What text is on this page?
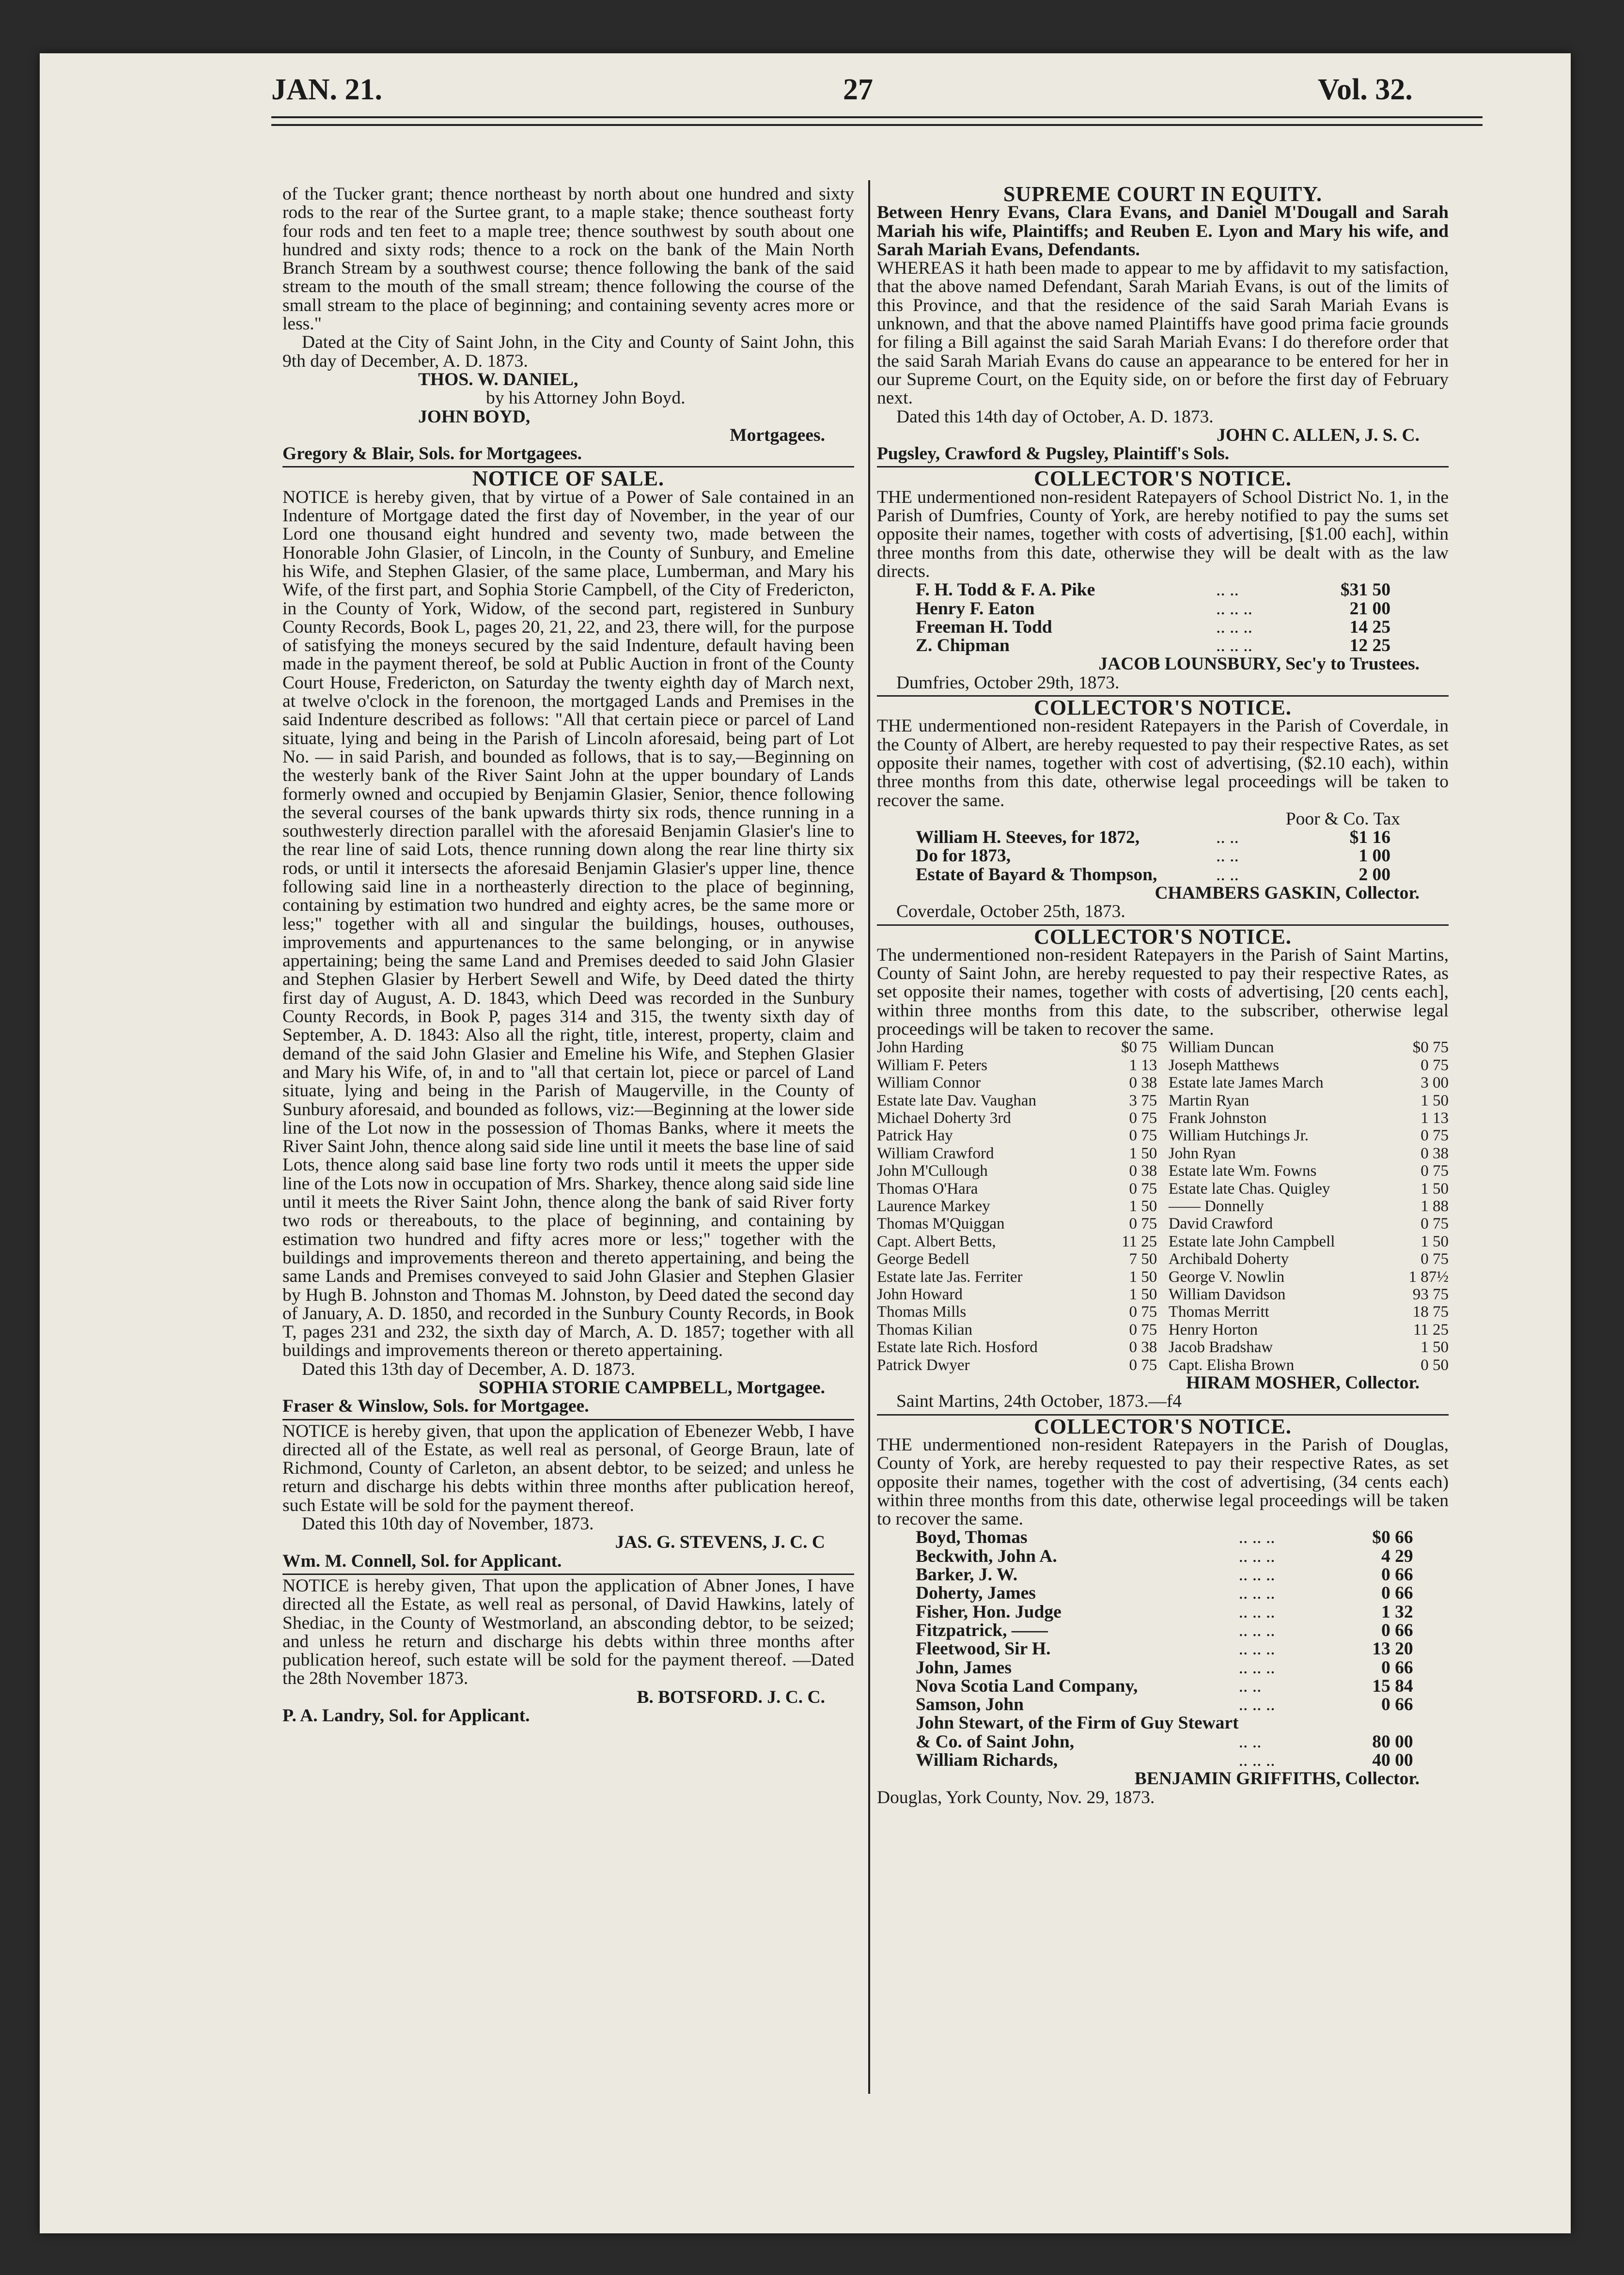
JAN. 21.	27	Vol. 32.

of the Tucker grant; thence northeast by north about one hundred and sixty rods to the rear of the Surtee grant, to a maple stake; thence southeast forty four rods and ten feet to a maple tree; thence southwest by south about one hundred and sixty rods; thence to a rock on the bank of the Main North Branch Stream by a southwest course; thence following the bank of the said stream to the mouth of the small stream; thence following the course of the small stream to the place of beginning; and containing seventy acres more or less."

Dated at the City of Saint John, in the City and County of Saint John, this 9th day of December, A. D. 1873.

THOS. W. DANIEL,

by his Attorney John Boyd.

JOHN BOYD,

Mortgagees.

Gregory & Blair, Sols. for Mortgagees.

NOTICE OF SALE.

NOTICE is hereby given, that by virtue of a Power of Sale contained in an Indenture of Mortgage dated the first day of November, in the year of our Lord one thousand eight hundred and seventy two, made between the Honorable John Glasier, of Lincoln, in the County of Sunbury, and Emeline his Wife, and Stephen Glasier, of the same place, Lumberman, and Mary his Wife, of the first part, and Sophia Storie Campbell, of the City of Fredericton, in the County of York, Widow, of the second part, registered in Sunbury County Records, Book L, pages 20, 21, 22, and 23, there will, for the purpose of satisfying the moneys secured by the said Indenture, default having been made in the payment thereof, be sold at Public Auction in front of the County Court House, Fredericton, on Saturday the twenty eighth day of March next, at twelve o'clock in the forenoon, the mortgaged Lands and Premises in the said Indenture described as follows: "All that certain piece or parcel of Land situate, lying and being in the Parish of Lincoln aforesaid, being part of Lot No. — in said Parish, and bounded as follows, that is to say,—Beginning on the westerly bank of the River Saint John at the upper boundary of Lands formerly owned and occupied by Benjamin Glasier, Senior, thence following the several courses of the bank upwards thirty six rods, thence running in a southwesterly direction parallel with the aforesaid Benjamin Glasier's line to the rear line of said Lots, thence running down along the rear line thirty six rods, or until it intersects the aforesaid Benjamin Glasier's upper line, thence following said line in a northeasterly direction to the place of beginning, containing by estimation two hundred and eighty acres, be the same more or less;" together with all and singular the buildings, houses, outhouses, improvements and appurtenances to the same belonging, or in anywise appertaining; being the same Land and Premises deeded to said John Glasier and Stephen Glasier by Herbert Sewell and Wife, by Deed dated the thirty first day of August, A. D. 1843, which Deed was recorded in the Sunbury County Records, in Book P, pages 314 and 315, the twenty sixth day of September, A. D. 1843: Also all the right, title, interest, property, claim and demand of the said John Glasier and Emeline his Wife, and Stephen Glasier and Mary his Wife, of, in and to "all that certain lot, piece or parcel of Land situate, lying and being in the Parish of Maugerville, in the County of Sunbury aforesaid, and bounded as follows, viz:—Beginning at the lower side line of the Lot now in the possession of Thomas Banks, where it meets the River Saint John, thence along said side line until it meets the base line of said Lots, thence along said base line forty two rods until it meets the upper side line of the Lots now in occupation of Mrs. Sharkey, thence along said side line until it meets the River Saint John, thence along the bank of said River forty two rods or thereabouts, to the place of beginning, and containing by estimation two hundred and fifty acres more or less;" together with the buildings and improvements thereon and thereto appertaining, and being the same Lands and Premises conveyed to said John Glasier and Stephen Glasier by Hugh B. Johnston and Thomas M. Johnston, by Deed dated the second day of January, A. D. 1850, and recorded in the Sunbury County Records, in Book T, pages 231 and 232, the sixth day of March, A. D. 1857; together with all buildings and improvements thereon or thereto appertaining.

Dated this 13th day of December, A. D. 1873.

SOPHIA STORIE CAMPBELL, Mortgagee.

Fraser & Winslow, Sols. for Mortgagee.

NOTICE is hereby given, that upon the application of Ebenezer Webb, I have directed all of the Estate, as well real as personal, of George Braun, late of Richmond, County of Carleton, an absent debtor, to be seized; and unless he return and discharge his debts within three months after publication hereof, such Estate will be sold for the payment thereof.

Dated this 10th day of November, 1873.

JAS. G. STEVENS, J. C. C

Wm. M. Connell, Sol. for Applicant.

NOTICE is hereby given, That upon the application of Abner Jones, I have directed all the Estate, as well real as personal, of David Hawkins, lately of Shediac, in the County of Westmorland, an absconding debtor, to be seized; and unless he return and discharge his debts within three months after publication hereof, such estate will be sold for the payment thereof. —Dated the 28th November 1873.

B. BOTSFORD. J. C. C.

P. A. Landry, Sol. for Applicant.

SUPREME COURT IN EQUITY.

Between Henry Evans, Clara Evans, and Daniel M'Dougall and Sarah Mariah his wife, Plaintiffs; and Reuben E. Lyon and Mary his wife, and Sarah Mariah Evans, Defendants.

WHEREAS it hath been made to appear to me by affidavit to my satisfaction, that the above named Defendant, Sarah Mariah Evans, is out of the limits of this Province, and that the residence of the said Sarah Mariah Evans is unknown, and that the above named Plaintiffs have good prima facie grounds for filing a Bill against the said Sarah Mariah Evans: I do therefore order that the said Sarah Mariah Evans do cause an appearance to be entered for her in our Supreme Court, on the Equity side, on or before the first day of February next.

Dated this 14th day of October, A. D. 1873.

JOHN C. ALLEN, J. S. C.

Pugsley, Crawford & Pugsley, Plaintiff's Sols.

COLLECTOR'S NOTICE.

THE undermentioned non-resident Ratepayers of School District No. 1, in the Parish of Dumfries, County of York, are hereby notified to pay the sums set opposite their names, together with costs of advertising, [$1.00 each], within three months from this date, otherwise they will be dealt with as the law directs.

F. H. Todd & F. A. Pike	.. ..	$31 50
Henry F. Eaton	.. .. ..	21 00
Freeman H. Todd	.. .. ..	14 25
Z. Chipman	.. .. ..	12 25

JACOB LOUNSBURY, Sec'y to Trustees.

Dumfries, October 29th, 1873.

COLLECTOR'S NOTICE.

THE undermentioned non-resident Ratepayers in the Parish of Coverdale, in the County of Albert, are hereby requested to pay their respective Rates, as set opposite their names, together with cost of advertising, ($2.10 each), within three months from this date, otherwise legal proceedings will be taken to recover the same.

Poor & Co. Tax

William H. Steeves, for 1872,	.. ..	$1 16
Do for 1873,	.. ..	1 00
Estate of Bayard & Thompson,	.. ..	2 00

CHAMBERS GASKIN, Collector.

Coverdale, October 25th, 1873.

COLLECTOR'S NOTICE.

The undermentioned non-resident Ratepayers in the Parish of Saint Martins, County of Saint John, are hereby requested to pay their respective Rates, as set opposite their names, together with costs of advertising, [20 cents each], within three months from this date, to the subscriber, otherwise legal proceedings will be taken to recover the same.

John Harding	$0 75
William F. Peters	1 13
William Connor	0 38
Estate late Dav. Vaughan	3 75
Michael Doherty 3rd	0 75
Patrick Hay	0 75
William Crawford	1 50
John M'Cullough	0 38
Thomas O'Hara	0 75
Laurence Markey	1 50
Thomas M'Quiggan	0 75
Capt. Albert Betts,	11 25
George Bedell	7 50
Estate late Jas. Ferriter	1 50
John Howard	1 50
Thomas Mills	0 75
Thomas Kilian	0 75
Estate late Rich. Hosford	0 38
Patrick Dwyer	0 75
William Duncan	$0 75
Joseph Matthews	0 75
Estate late James March	3 00
Martin Ryan	1 50
Frank Johnston	1 13
William Hutchings Jr.	0 75
John Ryan	0 38
Estate late Wm. Fowns	0 75
Estate late Chas. Quigley	1 50
—— Donnelly	1 88
David Crawford	0 75
Estate late John Campbell	1 50
Archibald Doherty	0 75
George V. Nowlin	1 87½
William Davidson	93 75
Thomas Merritt	18 75
Henry Horton	11 25
Jacob Bradshaw	1 50
Capt. Elisha Brown	0 50

HIRAM MOSHER, Collector.

Saint Martins, 24th October, 1873.—f4

COLLECTOR'S NOTICE.

THE undermentioned non-resident Ratepayers in the Parish of Douglas, County of York, are hereby requested to pay their respective Rates, as set opposite their names, together with the cost of advertising, (34 cents each) within three months from this date, otherwise legal proceedings will be taken to recover the same.

Boyd, Thomas	.. .. ..	$0 66
Beckwith, John A.	.. .. ..	4 29
Barker, J. W.	.. .. ..	0 66
Doherty, James	.. .. ..	0 66
Fisher, Hon. Judge	.. .. ..	1 32
Fitzpatrick, ——	.. .. ..	0 66
Fleetwood, Sir H.	.. .. ..	13 20
John, James	.. .. ..	0 66
Nova Scotia Land Company,	.. ..	15 84
Samson, John	.. .. ..	0 66
John Stewart, of the Firm of Guy Stewart		
& Co. of Saint John,	.. ..	80 00
William Richards,	.. .. ..	40 00

BENJAMIN GRIFFITHS, Collector.

Douglas, York County, Nov. 29, 1873.
